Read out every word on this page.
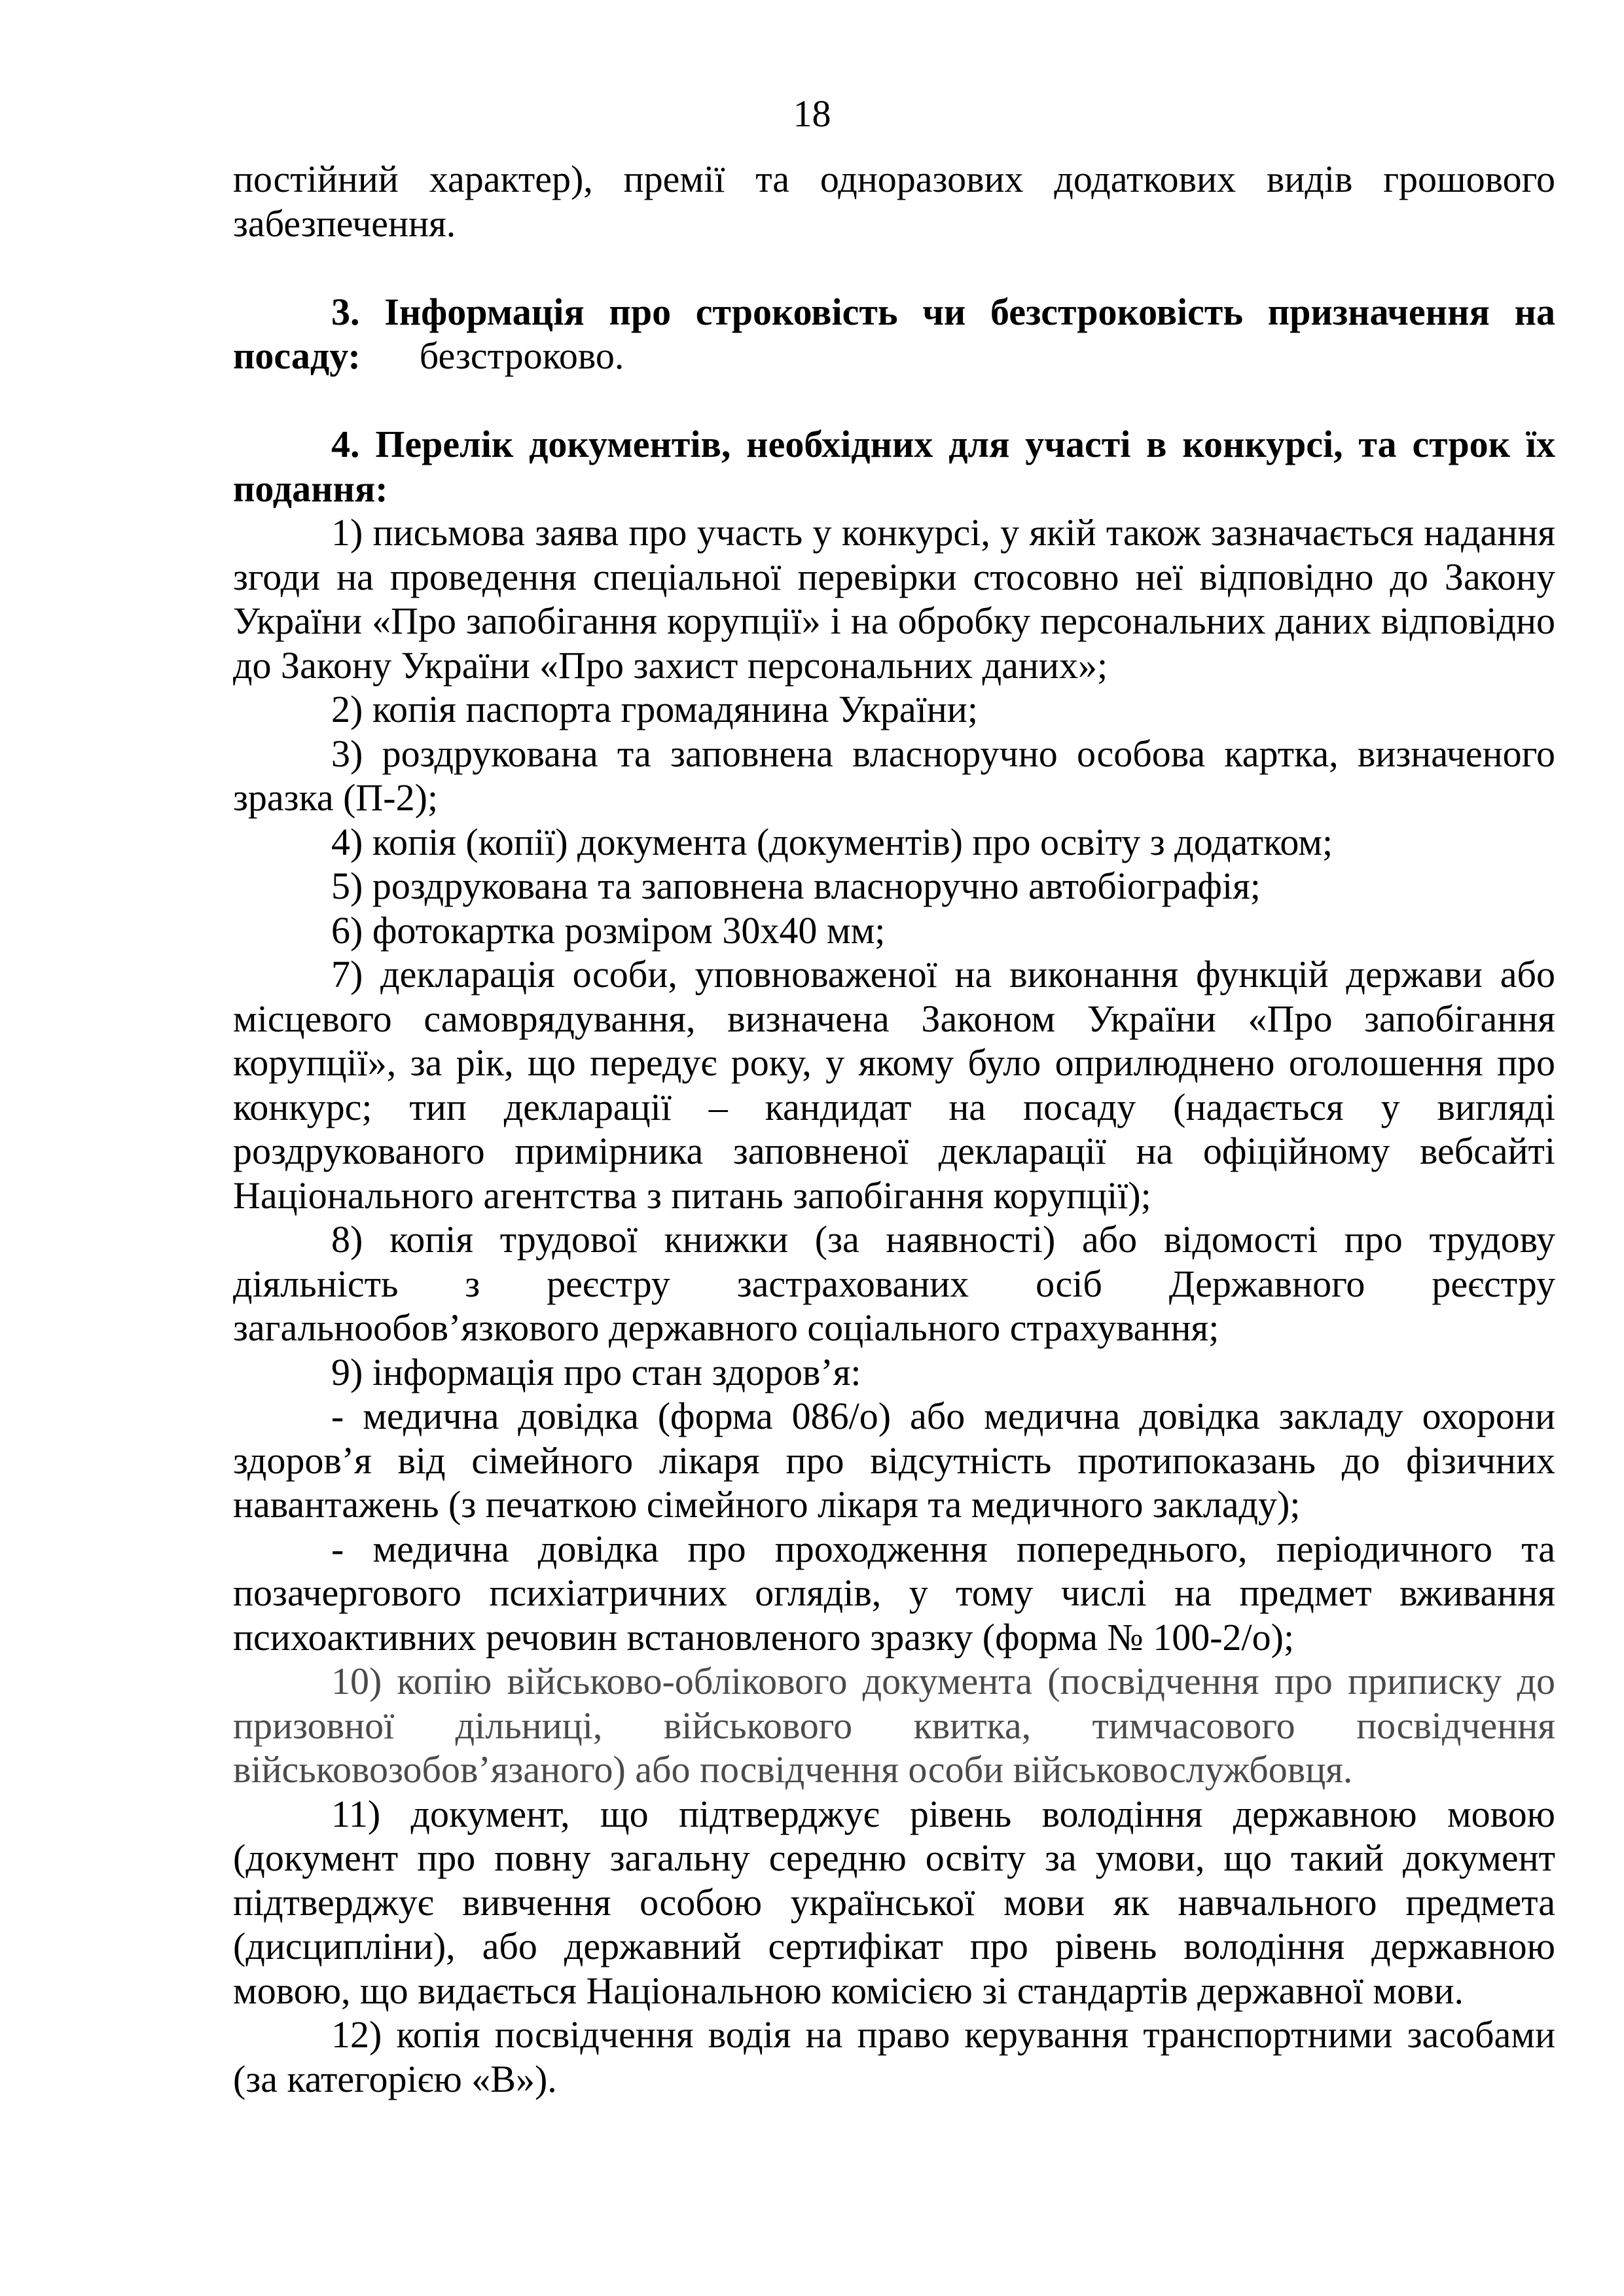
18

постійний характер), премії та одноразових додаткових видів грошового забезпечення.

3. Інформація про строковість чи безстроковість призначення на посаду: безстроково.

4. Перелік документів, необхідних для участі в конкурсі, та строк їх подання:

1) письмова заява про участь у конкурсі, у якій також зазначається надання згоди на проведення спеціальної перевірки стосовно неї відповідно до Закону України «Про запобігання корупції» і на обробку персональних даних відповідно до Закону України «Про захист персональних даних»;

2) копія паспорта громадянина України;

3) роздрукована та заповнена власноручно особова картка, визначеного зразка (П-2);

4) копія (копії) документа (документів) про освіту з додатком;

5) роздрукована та заповнена власноручно автобіографія;

6) фотокартка розміром 30х40 мм;

7) декларація особи, уповноваженої на виконання функцій держави або місцевого самоврядування, визначена Законом України «Про запобігання корупції», за рік, що передує року, у якому було оприлюднено оголошення про конкурс; тип декларації – кандидат на посаду (надається у вигляді роздрукованого примірника заповненої декларації на офіційному вебсайті Національного агентства з питань запобігання корупції);

8) копія трудової книжки (за наявності) або відомості про трудову діяльність з реєстру застрахованих осіб Державного реєстру загальнообов’язкового державного соціального страхування;

9) інформація про стан здоров’я:

- медична довідка (форма 086/о) або медична довідка закладу охорони здоров’я від сімейного лікаря про відсутність протипоказань до фізичних навантажень (з печаткою сімейного лікаря та медичного закладу);

- медична довідка про проходження попереднього, періодичного та позачергового психіатричних оглядів, у тому числі на предмет вживання психоактивних речовин встановленого зразку (форма № 100-2/о);

10) копію військово-облікового документа (посвідчення про приписку до призовної дільниці, військового квитка, тимчасового посвідчення військовозобов’язаного) або посвідчення особи військовослужбовця.

11) документ, що підтверджує рівень володіння державною мовою (документ про повну загальну середню освіту за умови, що такий документ підтверджує вивчення особою української мови як навчального предмета (дисципліни), або державний сертифікат про рівень володіння державною мовою, що видається Національною комісією зі стандартів державної мови.

12) копія посвідчення водія на право керування транспортними засобами (за категорією «В»).
